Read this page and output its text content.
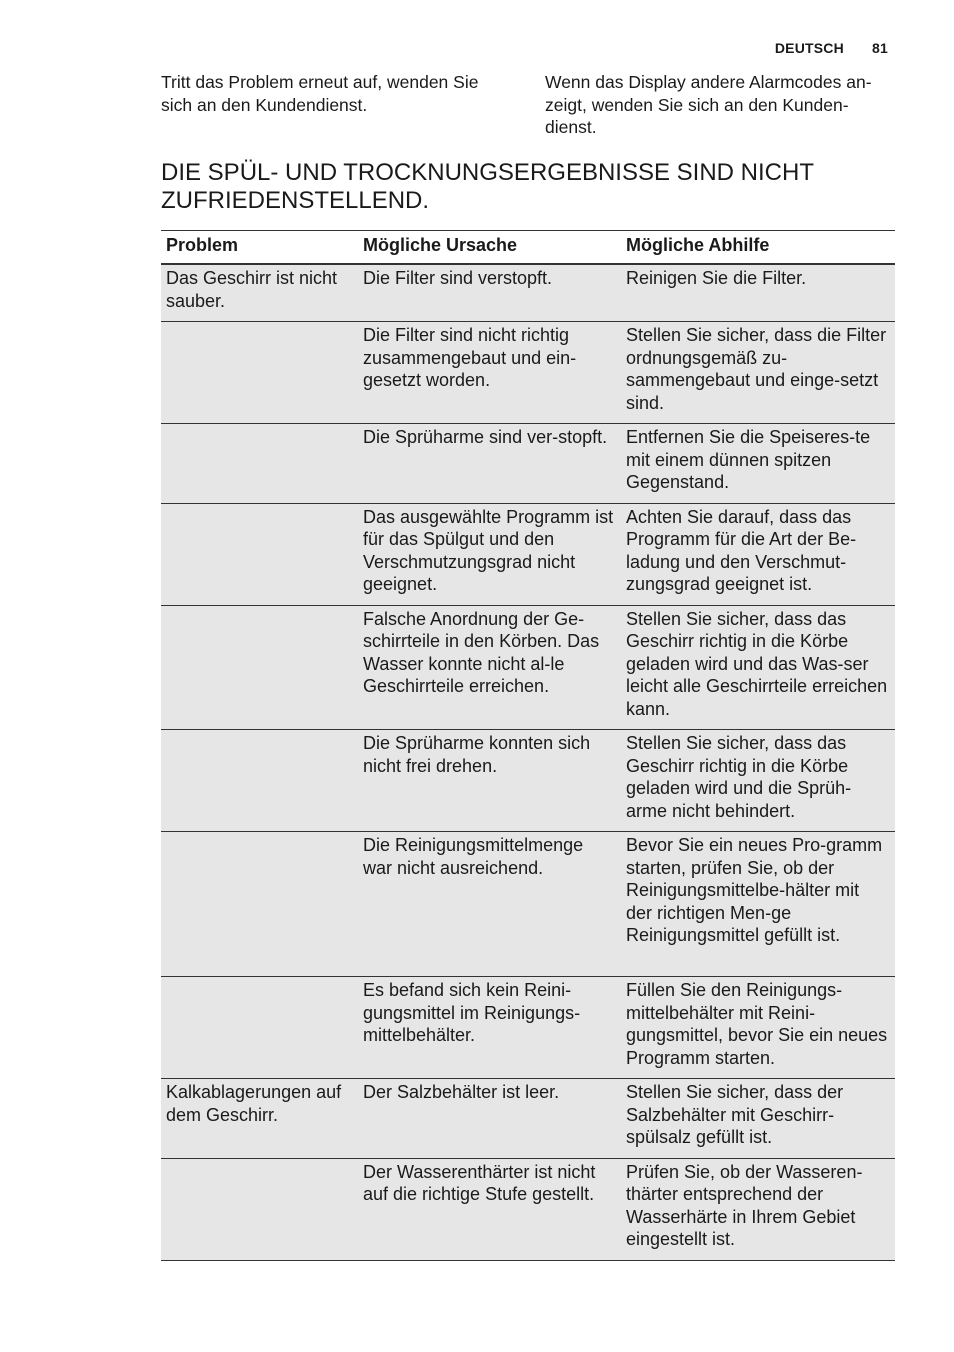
DEUTSCH 81

Tritt das Problem erneut auf, wenden Sie sich an den Kundendienst.

Wenn das Display andere Alarmcodes an-zeigt, wenden Sie sich an den Kunden-dienst.

DIE SPÜL- UND TROCKNUNGSERGEBNISSE SIND NICHT ZUFRIEDENSTELLEND.
Problem	Mögliche Ursache	Mögliche Abhilfe
Das Geschirr ist nicht sauber.	Die Filter sind verstopft.	Reinigen Sie die Filter.
	Die Filter sind nicht richtig zusammengebaut und ein-gesetzt worden.	Stellen Sie sicher, dass die Filter ordnungsgemäß zu-sammengebaut und einge-setzt sind.
	Die Sprüharme sind ver-stopft.	Entfernen Sie die Speiseres-te mit einem dünnen spitzen Gegenstand.
	Das ausgewählte Programm ist für das Spülgut und den Verschmutzungsgrad nicht geeignet.	Achten Sie darauf, dass das Programm für die Art der Be-ladung und den Verschmut-zungsgrad geeignet ist.
	Falsche Anordnung der Ge-schirrteile in den Körben. Das Wasser konnte nicht al-le Geschirrteile erreichen.	Stellen Sie sicher, dass das Geschirr richtig in die Körbe geladen wird und das Was-ser leicht alle Geschirrteile erreichen kann.
	Die Sprüharme konnten sich nicht frei drehen.	Stellen Sie sicher, dass das Geschirr richtig in die Körbe geladen wird und die Sprüh-arme nicht behindert.
	Die Reinigungsmittelmenge war nicht ausreichend.	Bevor Sie ein neues Pro-gramm starten, prüfen Sie, ob der Reinigungsmittelbe-hälter mit der richtigen Men-ge Reinigungsmittel gefüllt ist.
	Es befand sich kein Reini-gungsmittel im Reinigungs-mittelbehälter.	Füllen Sie den Reinigungs-mittelbehälter mit Reini-gungsmittel, bevor Sie ein neues Programm starten.
Kalkablagerungen auf dem Geschirr.	Der Salzbehälter ist leer.	Stellen Sie sicher, dass der Salzbehälter mit Geschirr-spülsalz gefüllt ist.
	Der Wasserenthärter ist nicht auf die richtige Stufe gestellt.	Prüfen Sie, ob der Wasseren-thärter entsprechend der Wasserhärte in Ihrem Gebiet eingestellt ist.
